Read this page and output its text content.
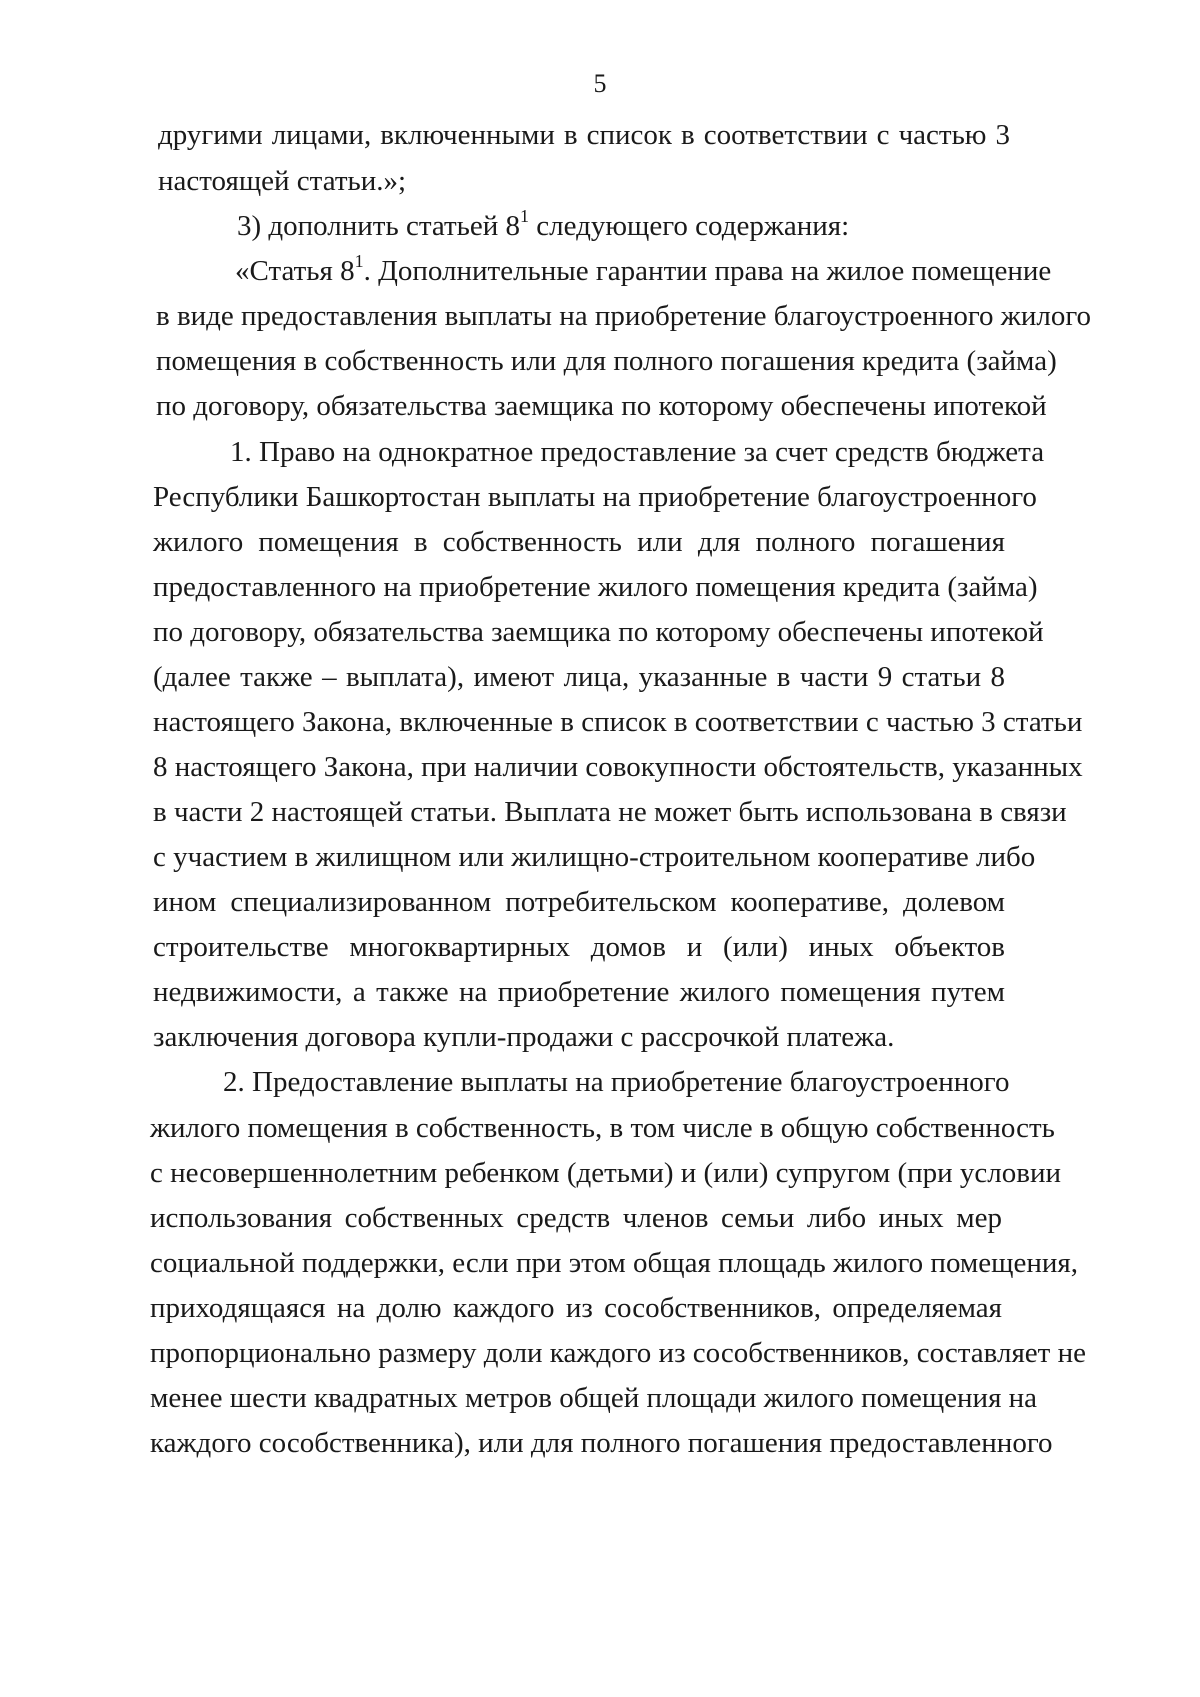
5
другими лицами, включенными в список в соответствии с частью 3
настоящей статьи.»;
3) дополнить статьей $8^1$ следующего содержания:
«Статья $8^1$. Дополнительные гарантии права на жилое помещение
в виде предоставления выплаты на приобретение благоустроенного жилого
помещения в собственность или для полного погашения кредита (займа)
по договору, обязательства заемщика по которому обеспечены ипотекой
1. Право на однократное предоставление за счет средств бюджета
Республики Башкортостан выплаты на приобретение благоустроенного
жилого помещения в собственность или для полного погашения
предоставленного на приобретение жилого помещения кредита (займа)
по договору, обязательства заемщика по которому обеспечены ипотекой
(далее также – выплата), имеют лица, указанные в части 9 статьи 8
настоящего Закона, включенные в список в соответствии с частью 3 статьи
8 настоящего Закона, при наличии совокупности обстоятельств, указанных
в части 2 настоящей статьи. Выплата не может быть использована в связи
с участием в жилищном или жилищно-строительном кооперативе либо
ином специализированном потребительском кооперативе, долевом
строительстве многоквартирных домов и (или) иных объектов
недвижимости, а также на приобретение жилого помещения путем
заключения договора купли-продажи с рассрочкой платежа.
2. Предоставление выплаты на приобретение благоустроенного
жилого помещения в собственность, в том числе в общую собственность
с несовершеннолетним ребенком (детьми) и (или) супругом (при условии
использования собственных средств членов семьи либо иных мер
социальной поддержки, если при этом общая площадь жилого помещения,
приходящаяся на долю каждого из сособственников, определяемая
пропорционально размеру доли каждого из сособственников, составляет не
менее шести квадратных метров общей площади жилого помещения на
каждого сособственника), или для полного погашения предоставленного
